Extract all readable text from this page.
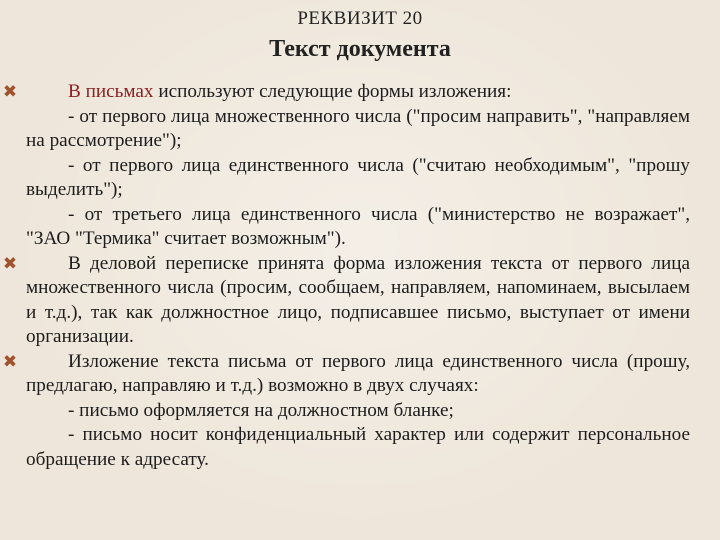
РЕКВИЗИТ 20
Текст документа

✖	В письмах используют следующие формы изложения:

- от первого лица множественного числа ("просим направить", "направляем на рассмотрение");

- от первого лица единственного числа ("считаю необходимым", "прошу выделить");

- от третьего лица единственного числа ("министерство не возражает", "ЗАО "Термика" считает возможным").

✖	В деловой переписке принята форма изложения текста от первого лица множественного числа (просим, сообщаем, направляем, напоминаем, высылаем и т.д.), так как должностное лицо, подписавшее письмо, выступает от имени организации.

✖	Изложение текста письма от первого лица единственного числа (прошу, предлагаю, направляю и т.д.) возможно в двух случаях:

- письмо оформляется на должностном бланке;

- письмо носит конфиденциальный характер или содержит персональное обращение к адресату.
